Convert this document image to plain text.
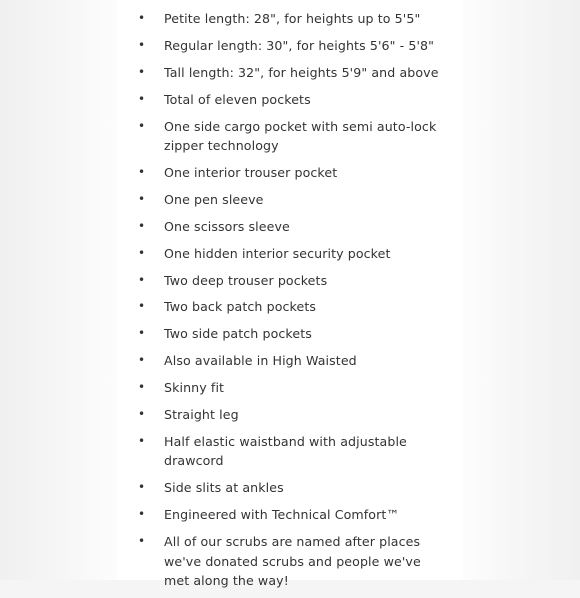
• Petite length: 28", for heights up to 5'5"
• Regular length: 30", for heights 5'6" - 5'8"
• Tall length: 32", for heights 5'9" and above
• Total of eleven pockets
• One side cargo pocket with semi auto-lock zipper technology
• One interior trouser pocket
• One pen sleeve
• One scissors sleeve
• One hidden interior security pocket
• Two deep trouser pockets
• Two back patch pockets
• Two side patch pockets
• Also available in High Waisted
• Skinny fit
• Straight leg
• Half elastic waistband with adjustable drawcord
• Side slits at ankles
• Engineered with Technical Comfort™
• All of our scrubs are named after places we've donated scrubs and people we've met along the way!
